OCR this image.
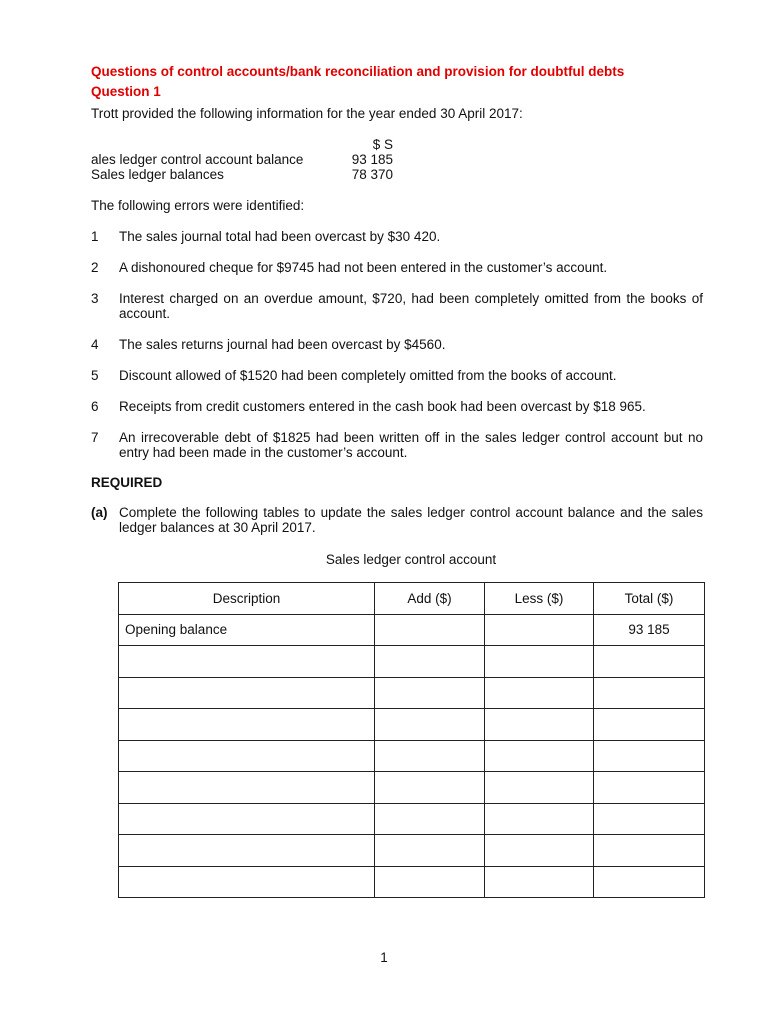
Questions of control accounts/bank reconciliation and provision for doubtful debts
Question 1
Trott provided the following information for the year ended 30 April 2017:
$ S
ales ledger control account balance	93 185
Sales ledger balances	78 370
The following errors were identified:
1	The sales journal total had been overcast by $30 420.
2	A dishonoured cheque for $9745 had not been entered in the customer’s account.
3	Interest charged on an overdue amount, $720, had been completely omitted from the books of account.
4	The sales returns journal had been overcast by $4560.
5	Discount allowed of $1520 had been completely omitted from the books of account.
6	Receipts from credit customers entered in the cash book had been overcast by $18 965.
7	An irrecoverable debt of $1825 had been written off in the sales ledger control account but no entry had been made in the customer’s account.
REQUIRED
(a) Complete the following tables to update the sales ledger control account balance and the sales ledger balances at 30 April 2017.
Sales ledger control account
Description	Add ($)	Less ($)	Total ($)
Opening balance			93 185

1
